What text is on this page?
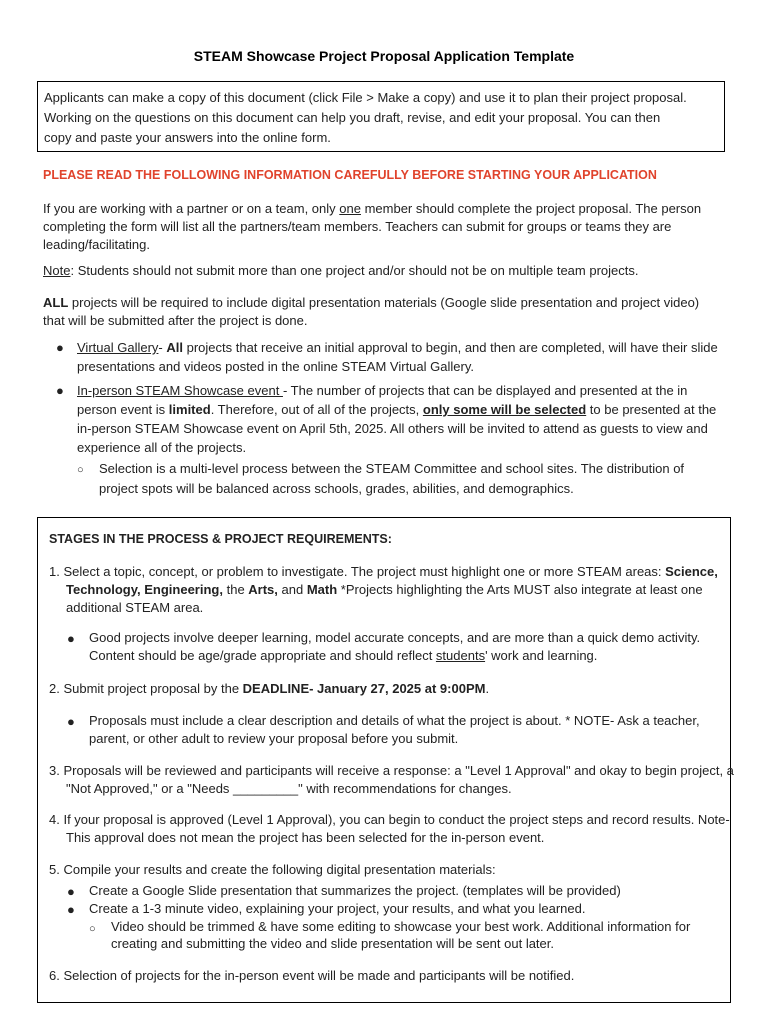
STEAM Showcase Project Proposal Application Template
Applicants can make a copy of this document (click File > Make a copy) and use it to plan their project proposal.
Working on the questions on this document can help you draft, revise, and edit your proposal. You can then
copy and paste your answers into the online form.
PLEASE READ THE FOLLOWING INFORMATION CAREFULLY BEFORE STARTING YOUR APPLICATION
If you are working with a partner or on a team, only one member should complete the project proposal. The person completing the form will list all the partners/team members. Teachers can submit for groups or teams they are leading/facilitating.
Note: Students should not submit more than one project and/or should not be on multiple team projects.
ALL projects will be required to include digital presentation materials (Google slide presentation and project video) that will be submitted after the project is done.
● Virtual Gallery- All projects that receive an initial approval to begin, and then are completed, will have their slide presentations and videos posted in the online STEAM Virtual Gallery.
● In-person STEAM Showcase event - The number of projects that can be displayed and presented at the in person event is limited. Therefore, out of all of the projects, only some will be selected to be presented at the in-person STEAM Showcase event on April 5th, 2025. All others will be invited to attend as guests to view and experience all of the projects.
○ Selection is a multi-level process between the STEAM Committee and school sites. The distribution of project spots will be balanced across schools, grades, abilities, and demographics.
STAGES IN THE PROCESS & PROJECT REQUIREMENTS:
1. Select a topic, concept, or problem to investigate. The project must highlight one or more STEAM areas: Science, Technology, Engineering, the Arts, and Math *Projects highlighting the Arts MUST also integrate at least one additional STEAM area.
● Good projects involve deeper learning, model accurate concepts, and are more than a quick demo activity. Content should be age/grade appropriate and should reflect students' work and learning.
2. Submit project proposal by the DEADLINE- January 27, 2025 at 9:00PM.
● Proposals must include a clear description and details of what the project is about. * NOTE- Ask a teacher, parent, or other adult to review your proposal before you submit.
3. Proposals will be reviewed and participants will receive a response: a "Level 1 Approval" and okay to begin project, a "Not Approved," or a "Needs _________" with recommendations for changes.
4. If your proposal is approved (Level 1 Approval), you can begin to conduct the project steps and record results. Note- This approval does not mean the project has been selected for the in-person event.
5. Compile your results and create the following digital presentation materials:
● Create a Google Slide presentation that summarizes the project. (templates will be provided)
● Create a 1-3 minute video, explaining your project, your results, and what you learned.
○ Video should be trimmed & have some editing to showcase your best work. Additional information for creating and submitting the video and slide presentation will be sent out later.
6. Selection of projects for the in-person event will be made and participants will be notified.
